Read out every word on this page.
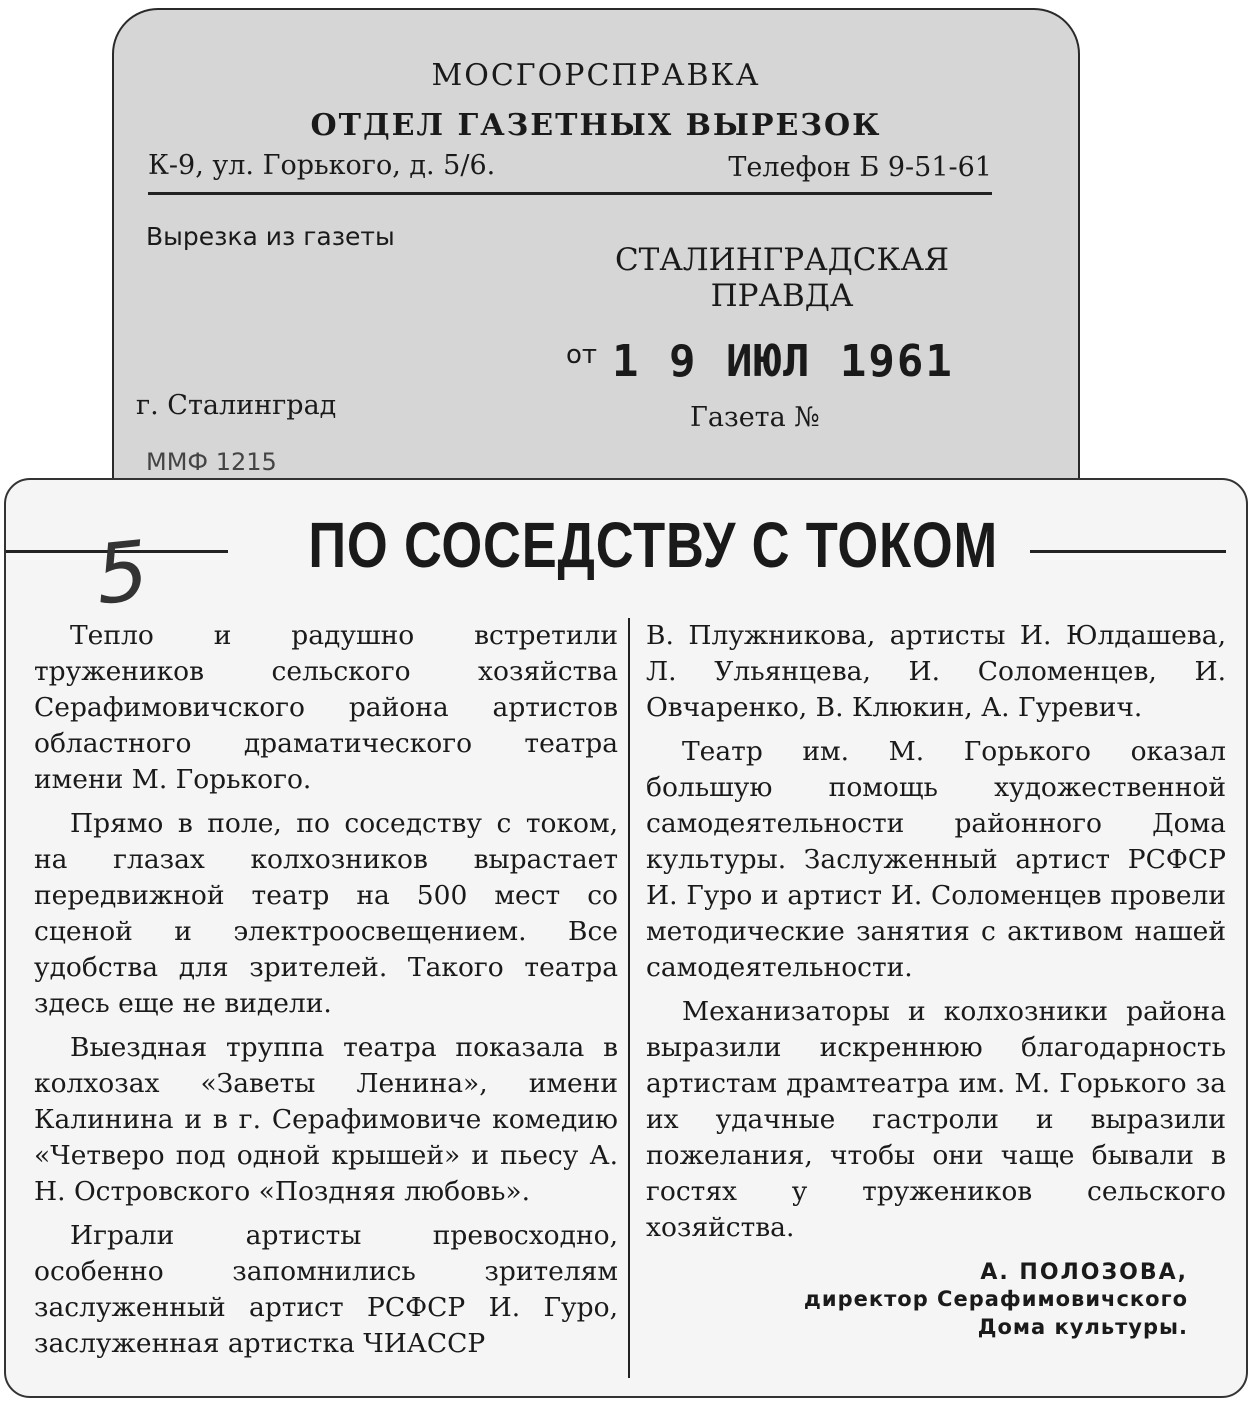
МОСГОРСПРАВКА
ОТДЕЛ ГАЗЕТНЫХ ВЫРЕЗОК
К-9, ул. Горького, д. 5/6.	Телефон Б 9-51-61
Вырезка из газеты
СТАЛИНГРАДСКАЯ
ПРАВДА
от 1 9 ИЮЛ 1961
г. Сталинград	Газета №
ММФ 1215
5 ПО СОСЕДСТВУ С ТОКОМ

Тепло и радушно встретили тружеников сельского хозяйства Серафимовичского района артистов областного драматического театра имени М. Горького.

Прямо в поле, по соседству с током, на глазах колхозников вырастает передвижной театр на 500 мест со сценой и электроосвещением. Все удобства для зрителей. Такого театра здесь еще не видели.

Выездная труппа театра показала в колхозах «Заветы Ленина», имени Калинина и в г. Серафимовиче комедию «Четверо под одной крышей» и пьесу А. Н. Островского «Поздняя любовь».

Играли артисты превосходно, особенно запомнились зрителям заслуженный артист РСФСР И. Гуро, заслуженная артистка ЧИАССР

В. Плужникова, артисты И. Юлдашева, Л. Ульянцева, И. Соломенцев, И. Овчаренко, В. Клюкин, А. Гуревич.

Театр им. М. Горького оказал большую помощь художественной самодеятельности районного Дома культуры. Заслуженный артист РСФСР И. Гуро и артист И. Соломенцев провели методические занятия с активом нашей самодеятельности.

Механизаторы и колхозники района выразили искреннюю благодарность артистам драмтеатра им. М. Горького за их удачные гастроли и выразили пожелания, чтобы они чаще бывали в гостях у тружеников сельского хозяйства.

А. ПОЛОЗОВА,
директор Серафимовичского
Дома культуры.
